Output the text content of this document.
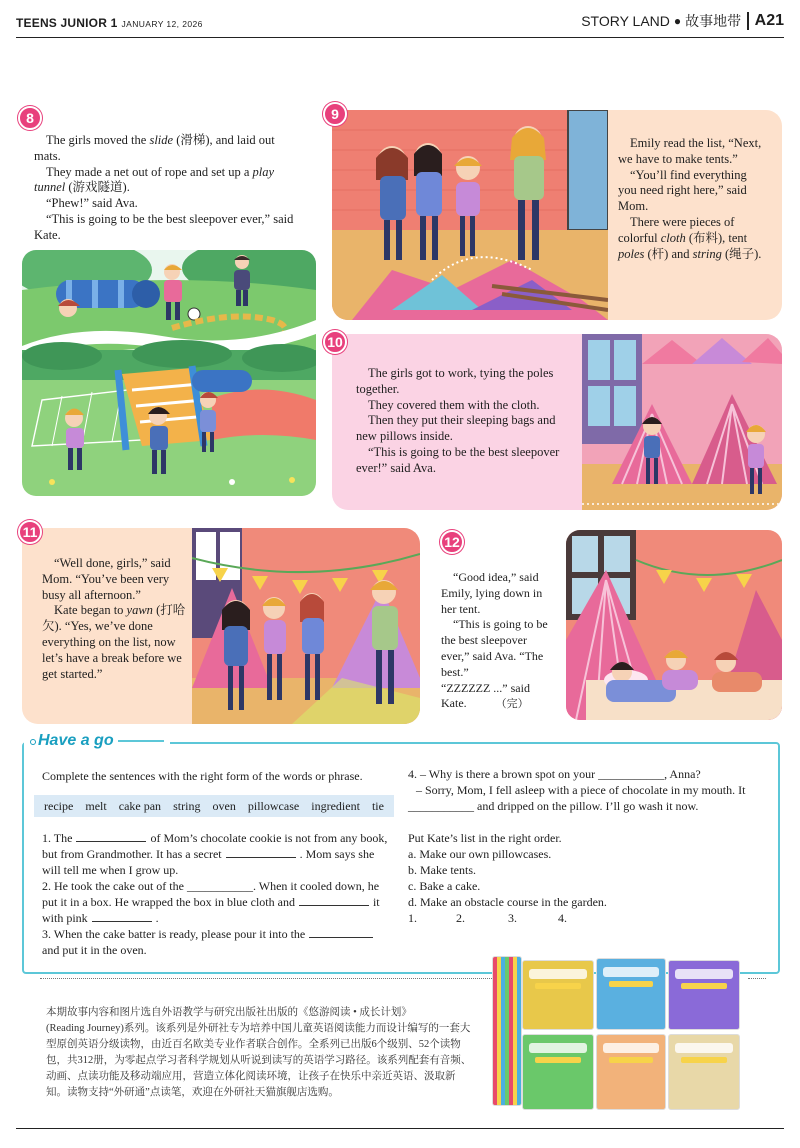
TEENS JUNIOR 1 JANUARY 12, 2026	STORY LAND ● 故事地带 A21
8

The girls moved the slide (滑梯), and laid out mats.

They made a net out of rope and set up a play tunnel (游戏隧道).

“Phew!” said Ava.

“This is going to be the best sleepover ever,” said Kate.

9

Emily read the list, “Next, we have to make tents.”

“You’ll find everything you need right here,” said Mom.

There were pieces of colorful cloth (布料), tent poles (杆) and string (绳子).

10

The girls got to work, tying the poles together.

They covered them with the cloth.

Then they put their sleeping bags and new pillows inside.

“This is going to be the best sleepover ever!” said Ava.

11

“Well done, girls,” said Mom. “You’ve been very busy all afternoon.”

Kate began to yawn (打哈欠). “Yes, we’ve done everything on the list, now let’s have a break before we get started.”

12

“Good idea,” said Emily, lying down in her tent.

“This is going to be the best sleepover ever,” said Ava. “The best.”

“ZZZZZZ ...” said Kate.	（完）

Have a go
Complete the sentences with the right form of the words or phrase.
recipe melt cake pan string oven pillowcase ingredient tie

1. The	of Mom’s chocolate cookie is not from any book, but from Grandmother. It has a secret	. Mom says she will tell me when I grow up.

2. He took the cake out of the ___________. When it cooled down, he put it in a box. He wrapped the box in blue cloth and	it with pink	.

3. When the cake batter is ready, please pour it into theand put it in the oven.

4. – Why is there a brown spot on your ___________, Anna?

– Sorry, Mom, I fell asleep with a piece of chocolate in my mouth. It ___________ and dripped on the pillow. I’ll go wash it now.

Put Kate’s list in the right order.

a. Make our own pillowcases.

b. Make tents.

c. Bake a cake.

d. Make an obstacle course in the garden.

1.	2.	3.	4.

本期故事内容和图片选自外语教学与研究出版社出版的《悠游阅读 • 成长计划》

(Reading Journey)系列。该系列是外研社专为培养中国儿童英语阅读能力而设计编写的一套大型原创英语分级读物，由近百名欧美专业作者联合创作。全系列已出版6个级别、52个读物包，共312册，为零起点学习者科学规划从听说到读写的英语学习路径。该系列配套有音频、动画、点读功能及移动端应用，营造立体化阅读环境，让孩子在快乐中亲近英语、汲取新知。读物支持“外研通”点读笔，欢迎在外研社天猫旗舰店选购。
